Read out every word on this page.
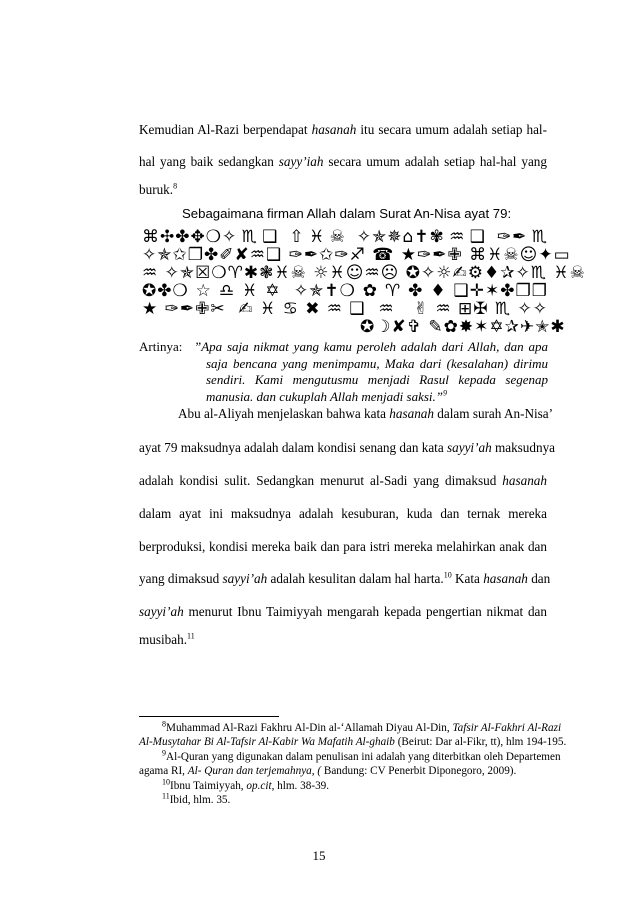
Kemudian Al-Razi berpendapat hasanah itu secara umum adalah setiap hal-
hal yang baik sedangkan sayy’iah secara umum adalah setiap hal-hal yang
buruk.$^8$
Sebagaimana firman Allah dalam Surat An-Nisa ayat 79:
⌘✣✤✥❍✧♏❑ ⇧♓☠ ✧✯✵⌂✝✾♒❑ ✑✒♏
✧✯✩❐✤✐✘♒❑ ✑✒✩✑♐ ☎ ★✑✒✙ ⌘♓☠☺✦▭
♒ ✧✯☒❍♈✱❃♓☠ ☼♓☺♒☹ ✪✧☼✍⚙♦✰✧♏ ♓☠
✪✤❍☆♎♓✡ ✧✯✝❍✿♈✤♦❑✛✶✤❐❒
★✑✒✙✂ ✍♓♋✖♒❑ ♒ ✌♒⊞✠♏✧✧
✪☽✘✞ ✎✿✸✶✡✰✈✭✱
Artinya: ”Apa saja nikmat yang kamu peroleh adalah dari Allah, dan apa saja bencana yang menimpamu, Maka dari (kesalahan) dirimu sendiri. Kami mengutusmu menjadi Rasul kepada segenap manusia. dan cukuplah Allah menjadi saksi.”$^9$
Abu al-Aliyah menjelaskan bahwa kata hasanah dalam surah An-Nisa’
ayat 79 maksudnya adalah dalam kondisi senang dan kata sayyi’ah maksudnya
adalah kondisi sulit. Sedangkan menurut al-Sadi yang dimaksud hasanah
dalam ayat ini maksudnya adalah kesuburan, kuda dan ternak mereka
berproduksi, kondisi mereka baik dan para istri mereka melahirkan anak dan
yang dimaksud sayyi’ah adalah kesulitan dalam hal harta.$^{10}$ Kata hasanah dan
sayyi’ah menurut Ibnu Taimiyyah mengarah kepada pengertian nikmat dan
musibah.$^{11}$
$^8$Muhammad Al-Razi Fakhru Al-Din al-‘Allamah Diyau Al-Din, Tafsir Al-Fakhri Al-Razi
Al-Musytahar Bi Al-Tafsir Al-Kabir Wa Mafatih Al-ghaib (Beirut: Dar al-Fikr, tt), hlm 194-195.
$^9$Al-Quran yang digunakan dalam penulisan ini adalah yang diterbitkan oleh Departemen
agama RI, Al- Quran dan terjemahnya, ( Bandung: CV Penerbit Diponegoro, 2009).
$^{10}$Ibnu Taimiyyah, op.cit, hlm. 38-39.
$^{11}$Ibid, hlm. 35.
15
